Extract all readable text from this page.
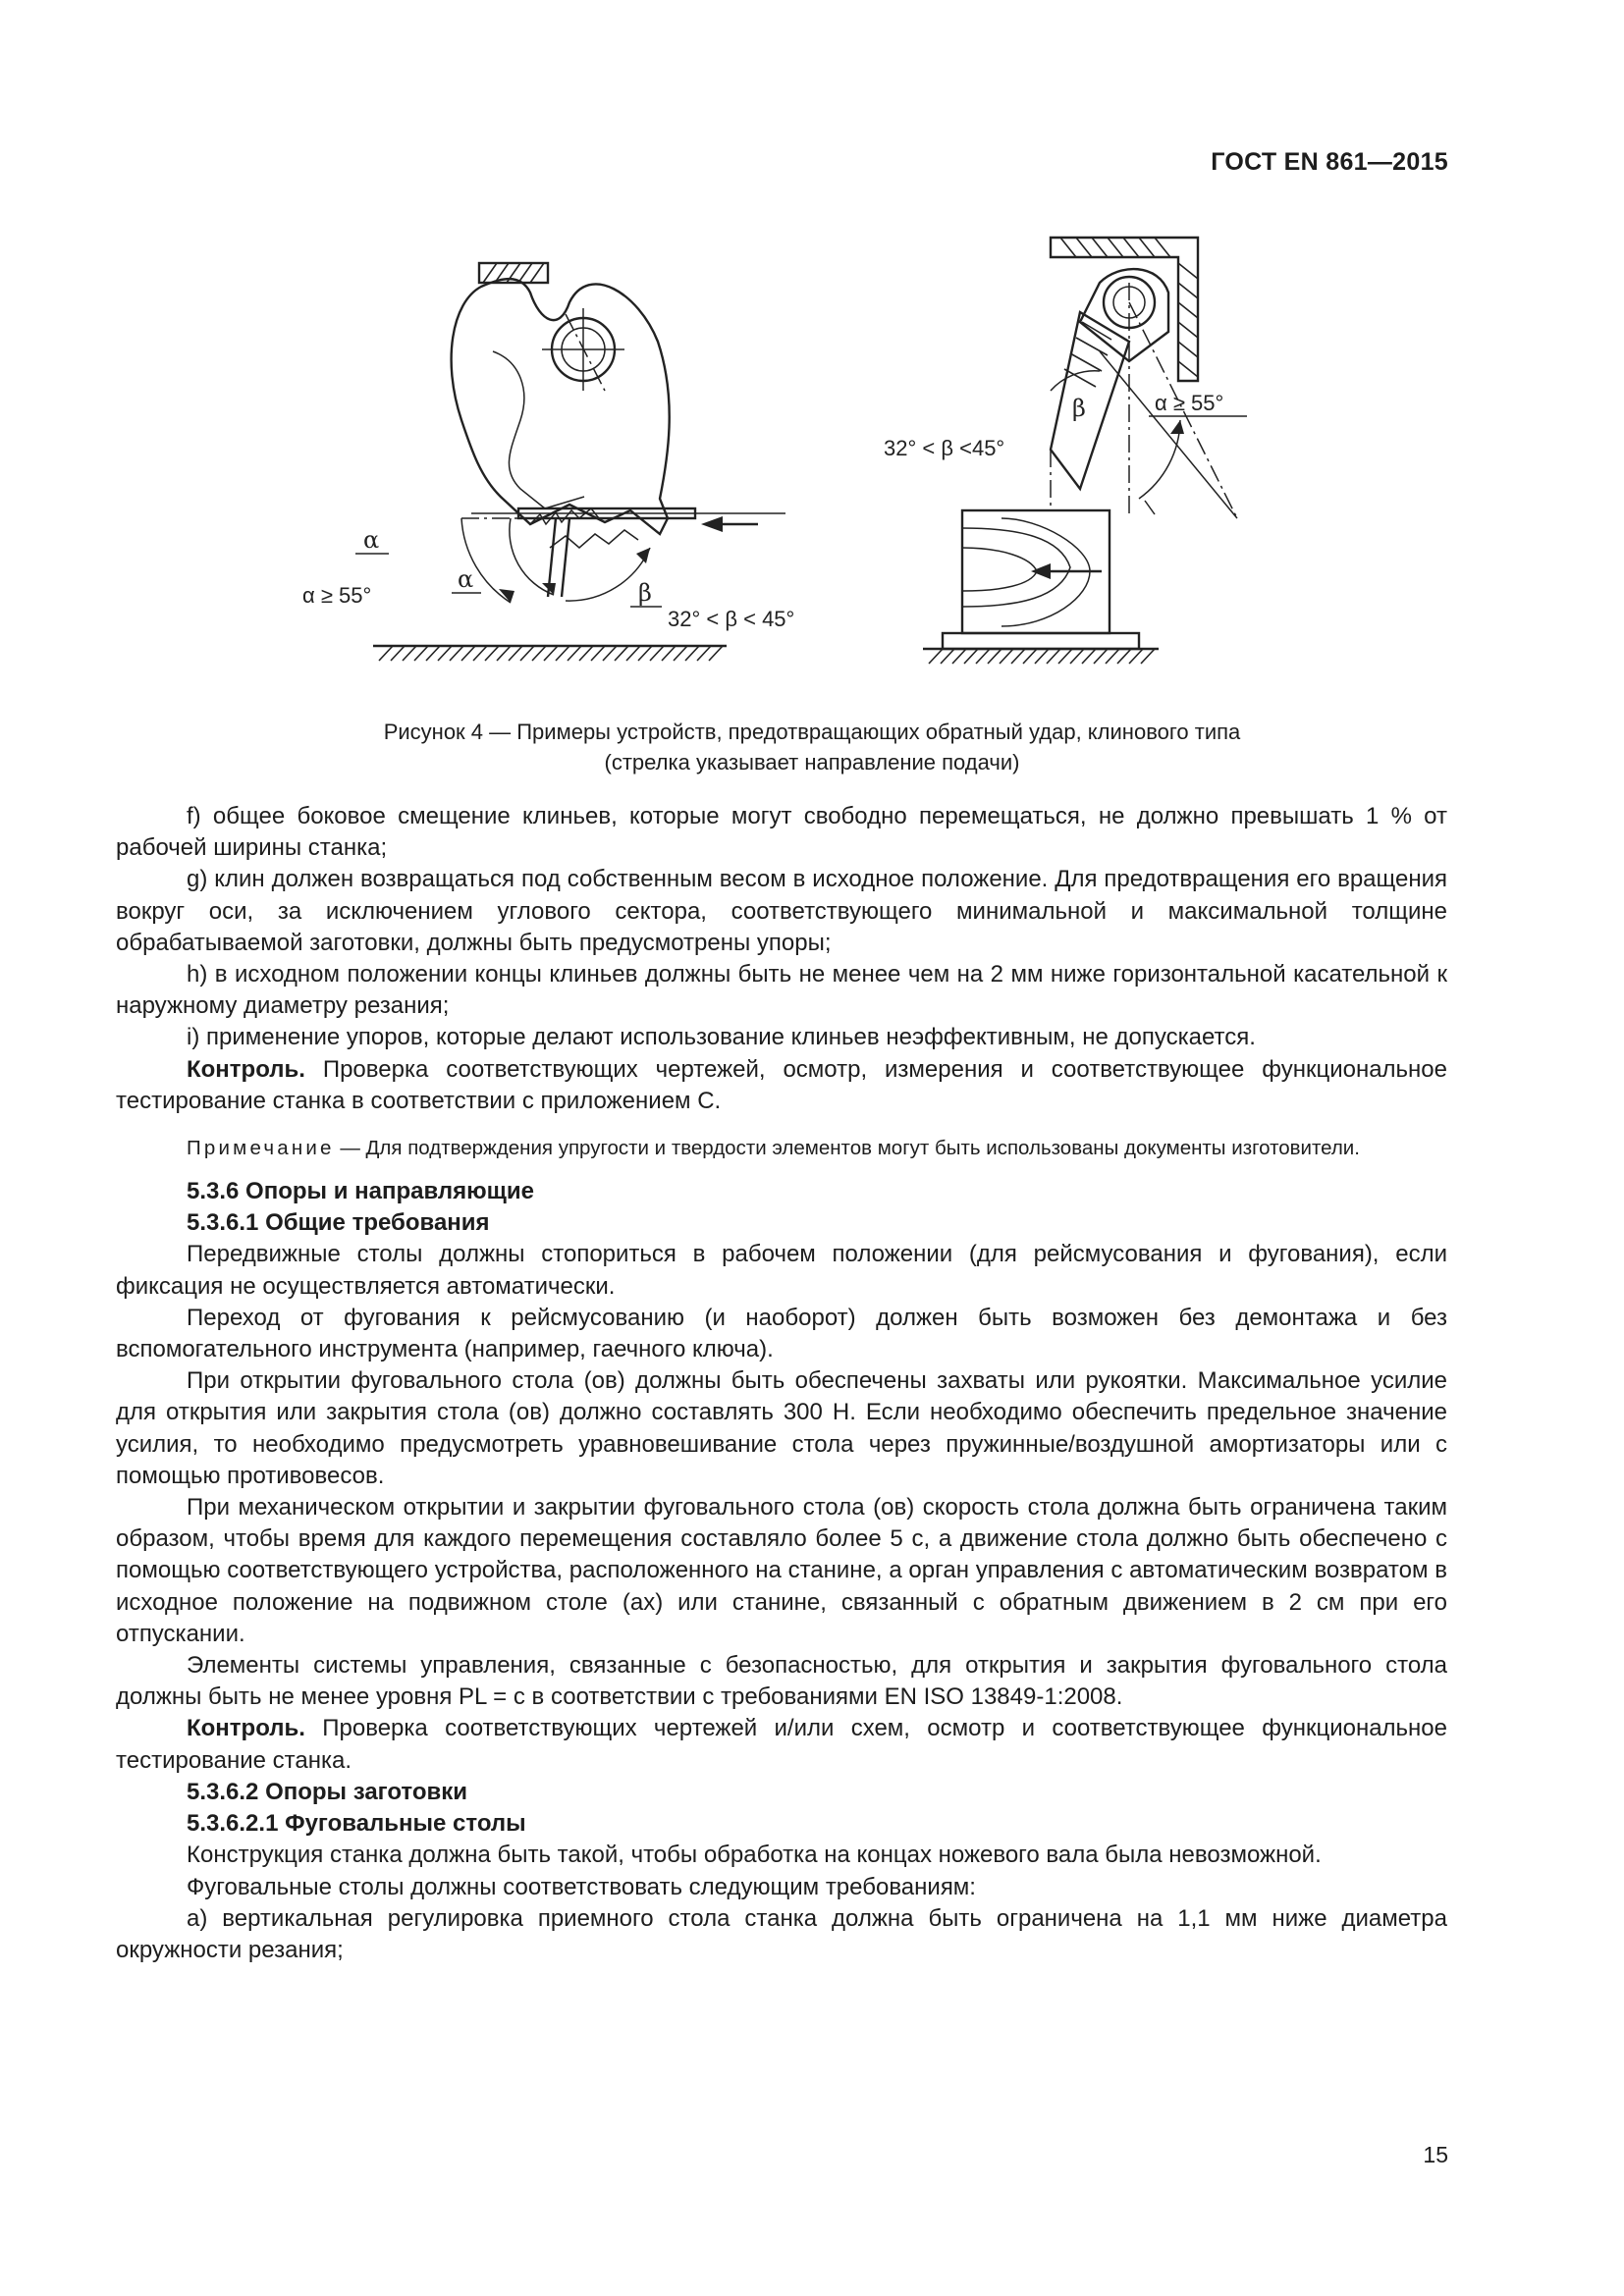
ГОСТ EN 861—2015
α
α ≥ 55°
α	β
32° < β < 45°
β	α ≥ 55°
32° < β <45°
Рисунок 4 — Примеры устройств, предотвращающих обратный удар, клинового типа
(стрелка указывает направление подачи)

f) общее боковое смещение клиньев, которые могут свободно перемещаться, не должно превышать 1 % от рабочей ширины станка;

g) клин должен возвращаться под собственным весом в исходное положение. Для предотвращения его вращения вокруг оси, за исключением углового сектора, соответствующего минимальной и максимальной толщине обрабатываемой заготовки, должны быть предусмотрены упоры;

h) в исходном положении концы клиньев должны быть не менее чем на 2 мм ниже горизонтальной касательной к наружному диаметру резания;

i) применение упоров, которые делают использование клиньев неэффективным, не допускается.

Контроль. Проверка соответствующих чертежей, осмотр, измерения и соответствующее функциональное тестирование станка в соответствии с приложением С.

Примечание — Для подтверждения упругости и твердости элементов могут быть использованы документы изготовители.
5.3.6 Опоры и направляющие
5.3.6.1 Общие требования

Передвижные столы должны стопориться в рабочем положении (для рейсмусования и фугования), если фиксация не осуществляется автоматически.

Переход от фугования к рейсмусованию (и наоборот) должен быть возможен без демонтажа и без вспомогательного инструмента (например, гаечного ключа).

При открытии фуговального стола (ов) должны быть обеспечены захваты или рукоятки. Максимальное усилие для открытия или закрытия стола (ов) должно составлять 300 Н. Если необходимо обеспечить предельное значение усилия, то необходимо предусмотреть уравновешивание стола через пружинные/воздушной амортизаторы или с помощью противовесов.

При механическом открытии и закрытии фуговального стола (ов) скорость стола должна быть ограничена таким образом, чтобы время для каждого перемещения составляло более 5 с, а движение стола должно быть обеспечено с помощью соответствующего устройства, расположенного на станине, а орган управления с автоматическим возвратом в исходное положение на подвижном столе (ах) или станине, связанный с обратным движением в 2 см при его отпускании.

Элементы системы управления, связанные с безопасностью, для открытия и закрытия фуговального стола должны быть не менее уровня PL = с в соответствии с требованиями EN ISO 13849-1:2008.

Контроль. Проверка соответствующих чертежей и/или схем, осмотр и соответствующее функциональное тестирование станка.

5.3.6.2 Опоры заготовки
5.3.6.2.1 Фуговальные столы

Конструкция станка должна быть такой, чтобы обработка на концах ножевого вала была невозможной.

Фуговальные столы должны соответствовать следующим требованиям:

а) вертикальная регулировка приемного стола станка должна быть ограничена на 1,1 мм ниже диаметра окружности резания;

15
